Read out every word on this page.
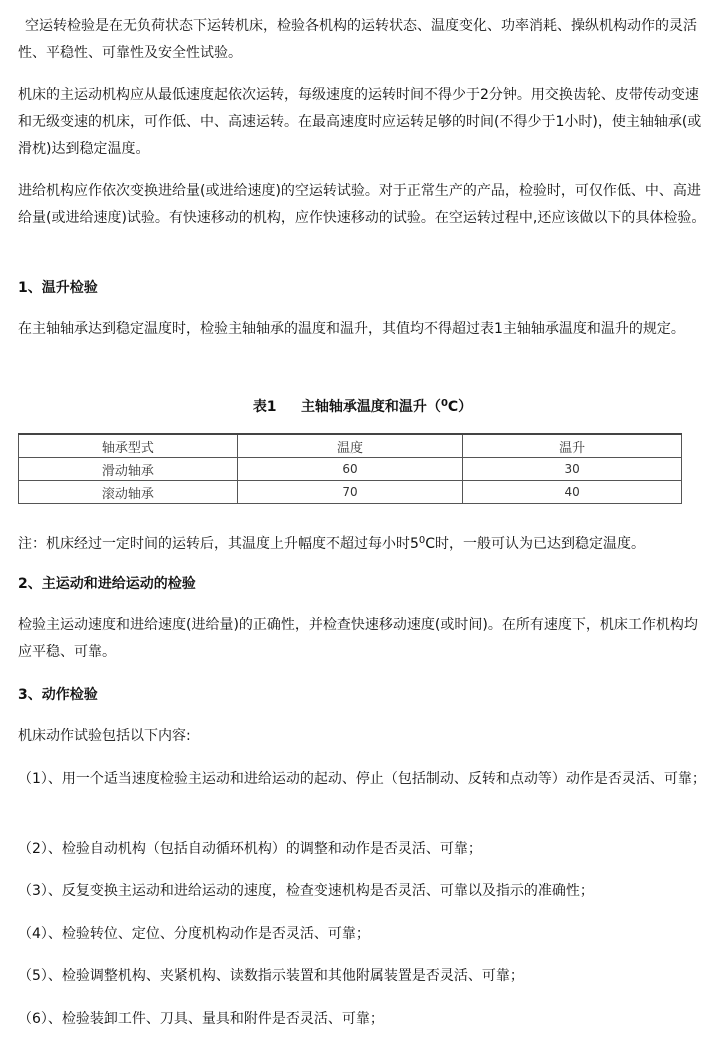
空运转检验是在无负荷状态下运转机床，检验各机构的运转状态、温度变化、功率消耗、操纵机构动作的灵活性、平稳性、可靠性及安全性试验。

机床的主运动机构应从最低速度起依次运转，每级速度的运转时间不得少于2分钟。用交换齿轮、皮带传动变速和无级变速的机床，可作低、中、高速运转。在最高速度时应运转足够的时间(不得少于1小时)，使主轴轴承(或滑枕)达到稳定温度。

进给机构应作依次变换进给量(或进给速度)的空运转试验。对于正常生产的产品，检验时，可仅作低、中、高进给量(或进给速度)试验。有快速移动的机构，应作快速移动的试验。在空运转过程中,还应该做以下的具体检验。

1、温升检验

在主轴轴承达到稳定温度时，检验主轴轴承的温度和温升，其值均不得超过表1主轴轴承温度和温升的规定。

表1 主轴轴承温度和温升（$^0$C）
轴承型式	温度	温升
滑动轴承	60	30
滚动轴承	70	40

注：机床经过一定时间的运转后，其温度上升幅度不超过每小时$5^0C$时，一般可认为已达到稳定温度。

2、主运动和进给运动的检验

检验主运动速度和进给速度(进给量)的正确性，并检查快速移动速度(或时间)。在所有速度下，机床工作机构均应平稳、可靠。

3、动作检验

机床动作试验包括以下内容:

（1）、用一个适当速度检验主运动和进给运动的起动、停止（包括制动、反转和点动等）动作是否灵活、可靠；

（2）、检验自动机构（包括自动循环机构）的调整和动作是否灵活、可靠；

（3）、反复变换主运动和进给运动的速度，检查变速机构是否灵活、可靠以及指示的准确性；

（4）、检验转位、定位、分度机构动作是否灵活、可靠；

（5）、检验调整机构、夹紧机构、读数指示装置和其他附属装置是否灵活、可靠；

（6）、检验装卸工件、刀具、量具和附件是否灵活、可靠；
